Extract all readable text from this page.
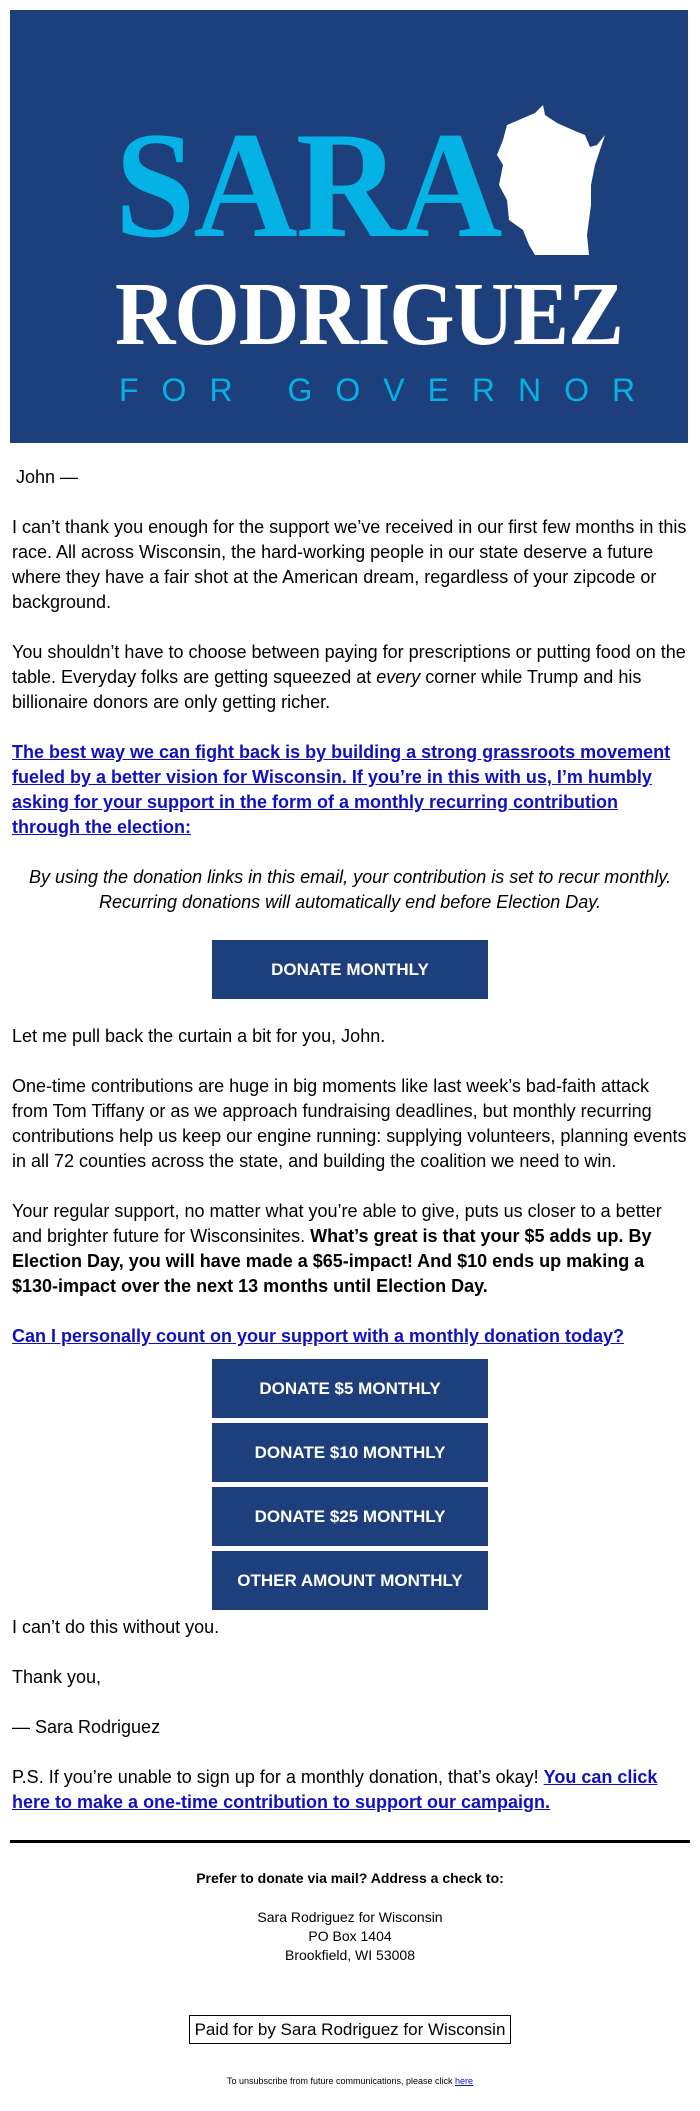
SARA
RODRIGUEZ
FOR GOVERNOR

John —

I can’t thank you enough for the support we’ve received in our first few months in this race. All across Wisconsin, the hard-working people in our state deserve a future where they have a fair shot at the American dream, regardless of your zipcode or background.

You shouldn’t have to choose between paying for prescriptions or putting food on the table. Everyday folks are getting squeezed at every corner while Trump and his billionaire donors are only getting richer.

The best way we can fight back is by building a strong grassroots movement fueled by a better vision for Wisconsin. If you’re in this with us, I’m humbly asking for your support in the form of a monthly recurring contribution through the election:

By using the donation links in this email, your contribution is set to recur monthly.
Recurring donations will automatically end before Election Day.

DONATE MONTHLY

Let me pull back the curtain a bit for you, John.

One-time contributions are huge in big moments like last week’s bad-faith attack from Tom Tiffany or as we approach fundraising deadlines, but monthly recurring contributions help us keep our engine running: supplying volunteers, planning events in all 72 counties across the state, and building the coalition we need to win.

Your regular support, no matter what you’re able to give, puts us closer to a better and brighter future for Wisconsinites. What’s great is that your $5 adds up. By Election Day, you will have made a $65-impact! And $10 ends up making a $130-impact over the next 13 months until Election Day.

Can I personally count on your support with a monthly donation today?

DONATE $5 MONTHLY
DONATE $10 MONTHLY
DONATE $25 MONTHLY
OTHER AMOUNT MONTHLY

I can’t do this without you.

Thank you,

— Sara Rodriguez

P.S. If you’re unable to sign up for a monthly donation, that’s okay! You can click here to make a one-time contribution to support our campaign.

Prefer to donate via mail? Address a check to:
Sara Rodriguez for Wisconsin
PO Box 1404
Brookfield, WI 53008
Paid for by Sara Rodriguez for Wisconsin
To unsubscribe from future communications, please click here
